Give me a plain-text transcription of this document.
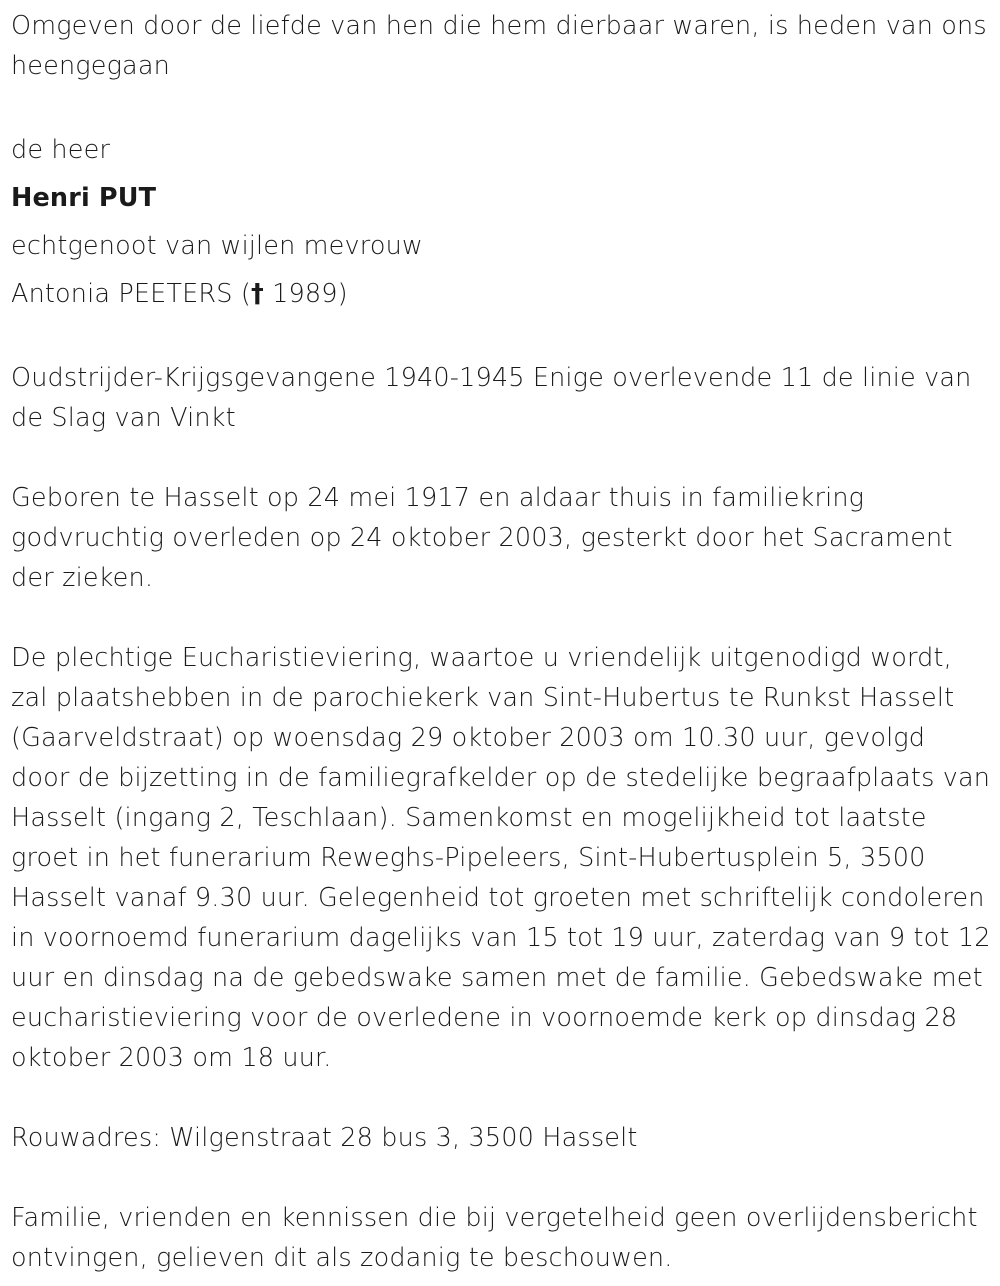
Omgeven door de liefde van hen die hem dierbaar waren, is heden van ons heengegaan

de heer

Henri PUT

echtgenoot van wijlen mevrouw

Antonia PEETERS († 1989)

Oudstrijder-Krijgsgevangene 1940-1945 Enige overlevende 11 de linie van de Slag van Vinkt

Geboren te Hasselt op 24 mei 1917 en aldaar thuis in familiekring godvruchtig overleden op 24 oktober 2003, gesterkt door het Sacrament der zieken.

De plechtige Eucharistieviering, waartoe u vriendelijk uitgenodigd wordt, zal plaatshebben in de parochiekerk van Sint-Hubertus te Runkst Hasselt (Gaarveldstraat) op woensdag 29 oktober 2003 om 10.30 uur, gevolgd door de bijzetting in de familiegrafkelder op de stedelijke begraafplaats van Hasselt (ingang 2, Teschlaan). Samenkomst en mogelijkheid tot laatste groet in het funerarium Reweghs-Pipeleers, Sint-Hubertusplein 5, 3500 Hasselt vanaf 9.30 uur. Gelegenheid tot groeten met schriftelijk condoleren in voornoemd funerarium dagelijks van 15 tot 19 uur, zaterdag van 9 tot 12 uur en dinsdag na de gebedswake samen met de familie. Gebedswake met eucharistieviering voor de overledene in voornoemde kerk op dinsdag 28 oktober 2003 om 18 uur.

Rouwadres: Wilgenstraat 28 bus 3, 3500 Hasselt

Familie, vrienden en kennissen die bij vergetelheid geen overlijdensbericht ontvingen, gelieven dit als zodanig te beschouwen.
